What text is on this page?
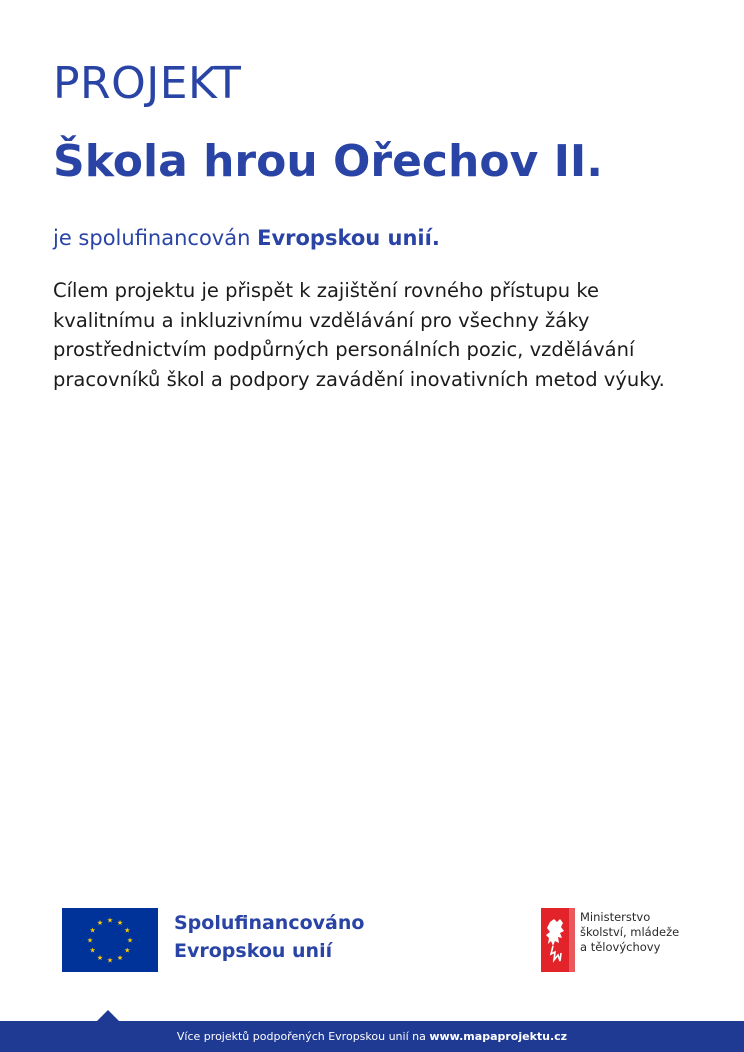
PROJEKT
Škola hrou Ořechov II.
je spolufinancován Evropskou unií.
Cílem projektu je přispět k zajištění rovného přístupu ke
kvalitnímu a inkluzivnímu vzdělávání pro všechny žáky
prostřednictvím podpůrných personálních pozic, vzdělávání
pracovníků škol a podpory zavádění inovativních metod výuky.
★ ★
★
★
★
★
★
★
★
★
★
★	Spolufinancováno
Evropskou unií
Ministerstvo
školství, mládeže
a tělovýchovy
Více projektů podpořených Evropskou unií na www.mapaprojektu.cz
